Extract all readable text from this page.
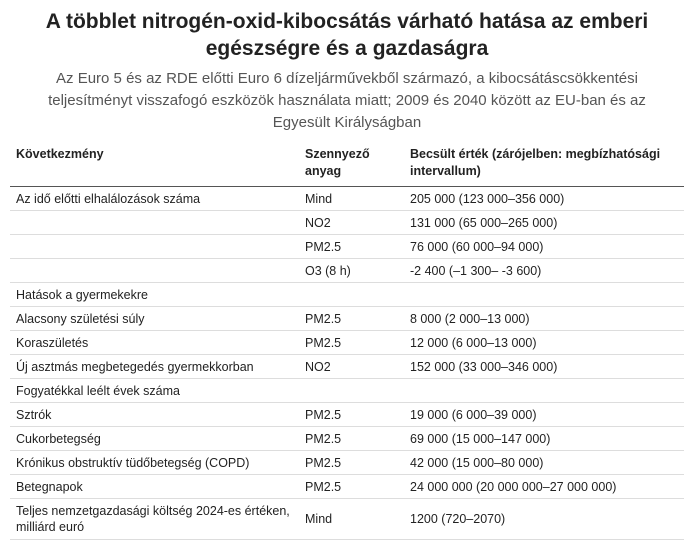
A többlet nitrogén-oxid-kibocsátás várható hatása az emberi egészségre és a gazdaságra
Az Euro 5 és az RDE előtti Euro 6 dízeljárművekből származó, a kibocsátáscsökkentési teljesítményt visszafogó eszközök használata miatt; 2009 és 2040 között az EU-ban és az Egyesült Királyságban
Következmény	Szennyező anyag	Becsült érték (zárójelben: megbízhatósági intervallum)
Az idő előtti elhalálozások száma	Mind	205 000 (123 000–356 000)
	NO2	131 000 (65 000–265 000)
	PM2.5	76 000 (60 000–94 000)
	O3 (8 h)	-2 400 (–1 300– -3 600)
Hatások a gyermekekre		
Alacsony születési súly	PM2.5	8 000 (2 000–13 000)
Koraszületés	PM2.5	12 000 (6 000–13 000)
Új asztmás megbetegedés gyermekkorban	NO2	152 000 (33 000–346 000)
Fogyatékkal leélt évek száma		
Sztrók	PM2.5	19 000 (6 000–39 000)
Cukorbetegség	PM2.5	69 000 (15 000–147 000)
Krónikus obstruktív tüdőbetegség (COPD)	PM2.5	42 000 (15 000–80 000)
Betegnapok	PM2.5	24 000 000 (20 000 000–27 000 000)
Teljes nemzetgazdasági költség 2024-es értéken, milliárd euró	Mind	1200 (720–2070)
